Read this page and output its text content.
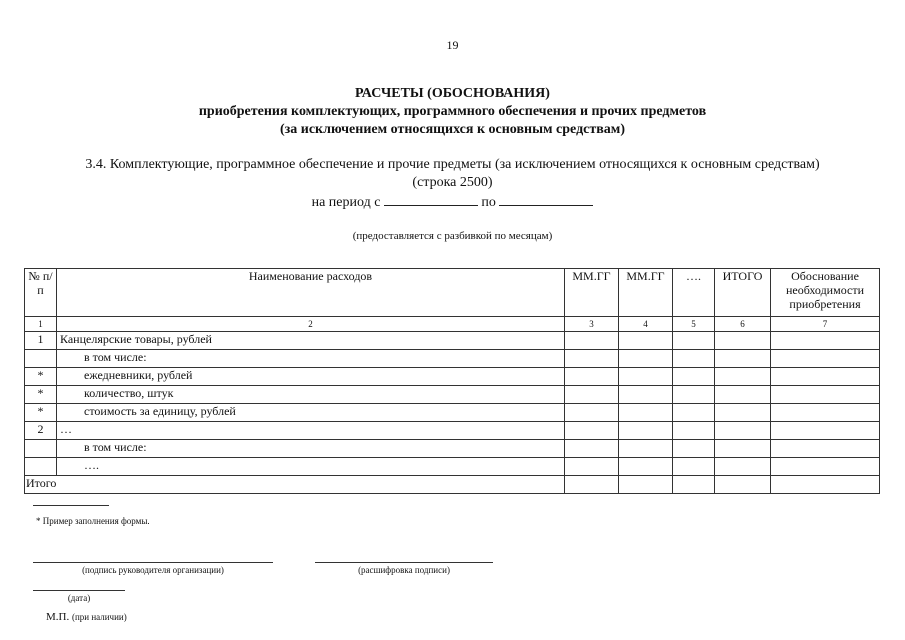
19
РАСЧЕТЫ (ОБОСНОВАНИЯ)
приобретения комплектующих, программного обеспечения и прочих предметов
(за исключением относящихся к основным средствам)
3.4. Комплектующие, программное обеспечение и прочие предметы (за исключением относящихся к основным средствам)
(строка 2500)
на период с	по
(предоставляется с разбивкой по месяцам)
№ п/п	Наименование расходов	ММ.ГГ	ММ.ГГ	….	ИТОГО	Обоснование необходимости приобретения
1	2	3	4	5	6	7
1	Канцелярские товары, рублей					
	в том числе:					
*	ежедневники, рублей					
*	количество, штук					
*	стоимость за единицу, рублей					
2	…					
	в том числе:					
	….					
Итого						
* Пример заполнения формы.
(подпись руководителя организации)	(расшифровка подписи)
(дата)
М.П. (при наличии)
